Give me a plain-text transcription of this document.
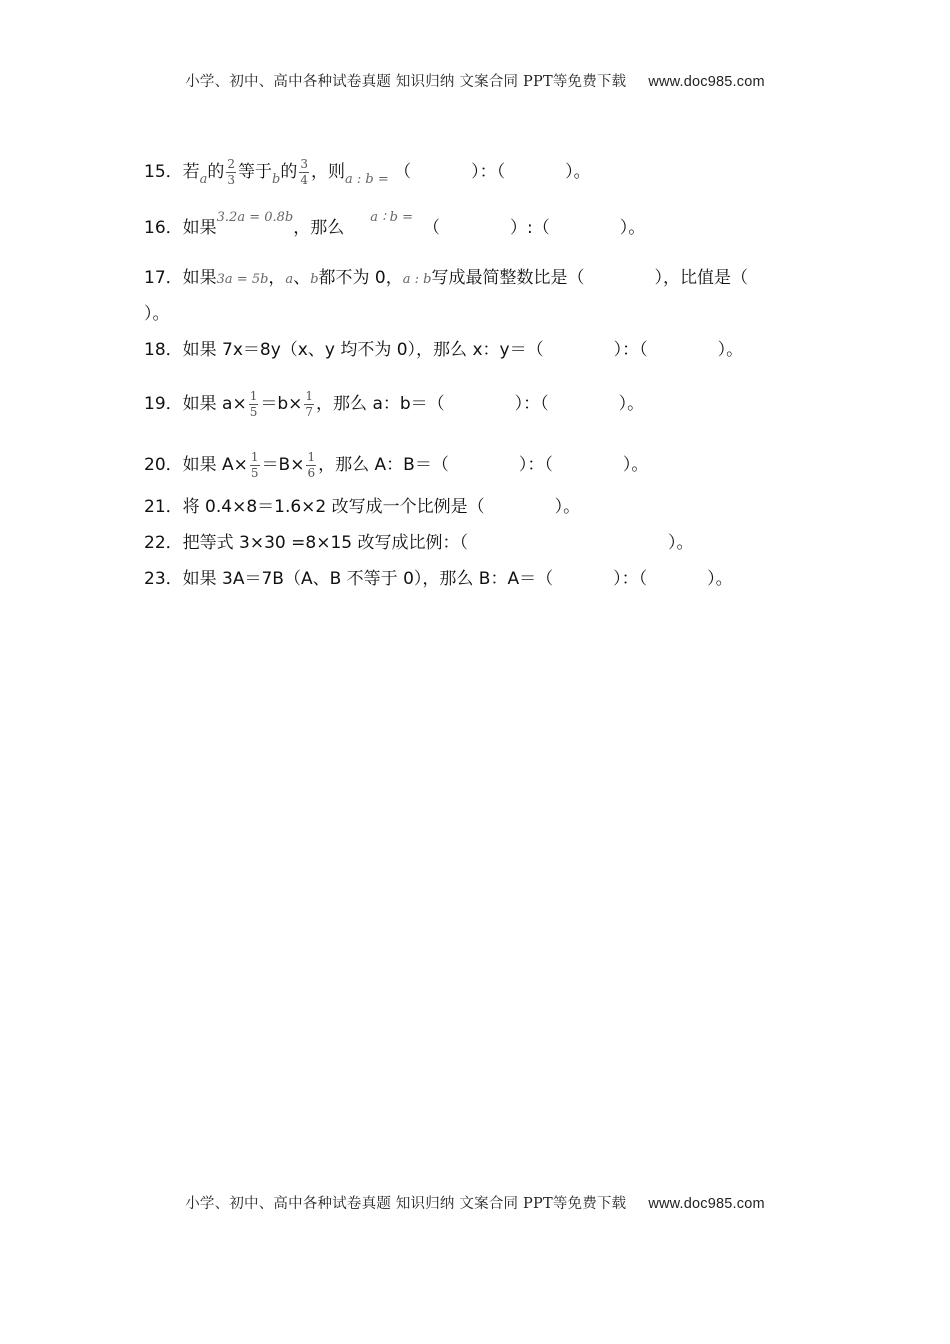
小学、初中、高中各种试卷真题 知识归纳 文案合同 PPT等免费下载 www.doc985.com
15．若$_a$的 $\frac{2}{3}$ 等于$_b$的 $\frac{3}{4}$ ，则$_{a : b =}$ （	）：（	）。
16．如果$^{3.2a = 0.8b}$，那么$^{a ∶ b =}$（	）:（	）。
17．如果3a = 5b，a、b都不为 0，a : b写成最简整数比是（	），比值是（
）。
18．如果 7x＝8y（x、y 均不为 0），那么 x：y＝（	）：（	）。
19．如果 $a\times \frac{1}{5} =b\times \frac{1}{7}$ ，那么 a：b＝（	）：（	）。
20．如果 $A\times \frac{1}{5} =B\times \frac{1}{6}$ ，那么 A：B＝（	）：（	）。
21．将 0.4×8＝1.6×2 改写成一个比例是（	）。
22．把等式 3×30 =8×15 改写成比例：（	）。
23．如果 3A＝7B（A、B 不等于 0），那么 B：A＝（	）：（	）。
小学、初中、高中各种试卷真题 知识归纳 文案合同 PPT等免费下载 www.doc985.com
